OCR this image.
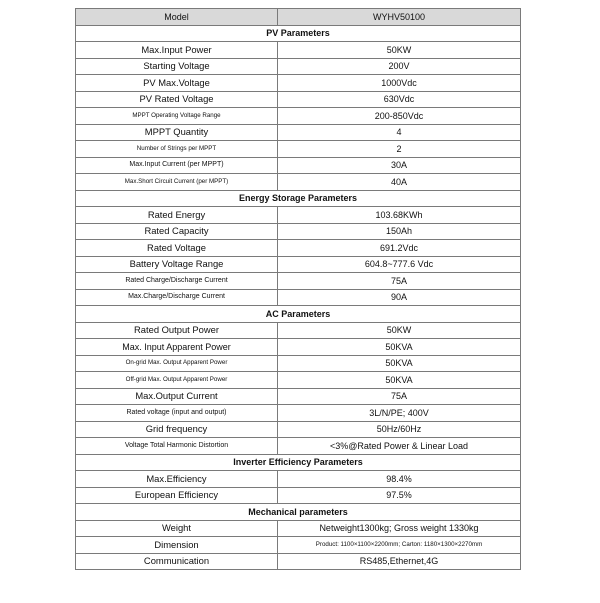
Model	WYHV50100
PV Parameters	
Max.Input Power	50KW
Starting Voltage	200V
PV Max.Voltage	1000Vdc
PV Rated Voltage	630Vdc
MPPT Operating Voltage Range	200-850Vdc
MPPT Quantity	4
Number of Strings per MPPT	2
Max.Input Current (per MPPT)	30A
Max.Short Circuit Current (per MPPT)	40A
Energy Storage Parameters	
Rated Energy	103.68KWh
Rated Capacity	150Ah
Rated Voltage	691.2Vdc
Battery Voltage Range	604.8~777.6 Vdc
Rated Charge/Discharge Current	75A
Max.Charge/Discharge Current	90A
AC Parameters	
Rated Output Power	50KW
Max. Input Apparent Power	50KVA
On-grid Max. Output Apparent Power	50KVA
Off-grid Max. Output Apparent Power	50KVA
Max.Output Current	75A
Rated voltage (input and output)	3L/N/PE; 400V
Grid frequency	50Hz/60Hz
Voltage Total Harmonic Distortion	<3%@Rated Power & Linear Load
Inverter Efficiency Parameters	
Max.Efficiency	98.4%
European Efficiency	97.5%
Mechanical parameters	
Weight	Netweight1300kg; Gross weight 1330kg
Dimension	Product: 1100×1100×2200mm; Carton: 1180×1300×2270mm
Communication	RS485,Ethernet,4G
